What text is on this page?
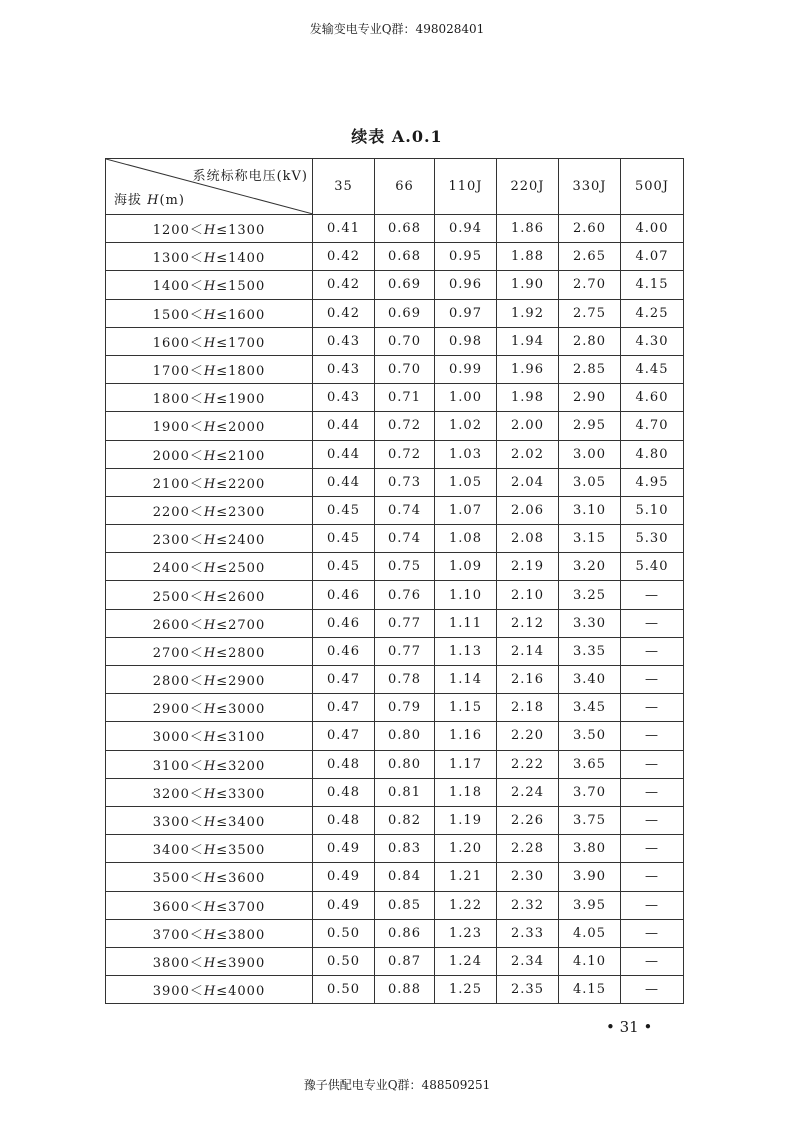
发输变电专业Q群：498028401
续表 A.0.1
系统标称电压(kV)
海拔 H(m)	35	66	110J	220J	330J	500J
1200＜H≤1300	0.41	0.68	0.94	1.86	2.60	4.00
1300＜H≤1400	0.42	0.68	0.95	1.88	2.65	4.07
1400＜H≤1500	0.42	0.69	0.96	1.90	2.70	4.15
1500＜H≤1600	0.42	0.69	0.97	1.92	2.75	4.25
1600＜H≤1700	0.43	0.70	0.98	1.94	2.80	4.30
1700＜H≤1800	0.43	0.70	0.99	1.96	2.85	4.45
1800＜H≤1900	0.43	0.71	1.00	1.98	2.90	4.60
1900＜H≤2000	0.44	0.72	1.02	2.00	2.95	4.70
2000＜H≤2100	0.44	0.72	1.03	2.02	3.00	4.80
2100＜H≤2200	0.44	0.73	1.05	2.04	3.05	4.95
2200＜H≤2300	0.45	0.74	1.07	2.06	3.10	5.10
2300＜H≤2400	0.45	0.74	1.08	2.08	3.15	5.30
2400＜H≤2500	0.45	0.75	1.09	2.19	3.20	5.40
2500＜H≤2600	0.46	0.76	1.10	2.10	3.25	—
2600＜H≤2700	0.46	0.77	1.11	2.12	3.30	—
2700＜H≤2800	0.46	0.77	1.13	2.14	3.35	—
2800＜H≤2900	0.47	0.78	1.14	2.16	3.40	—
2900＜H≤3000	0.47	0.79	1.15	2.18	3.45	—
3000＜H≤3100	0.47	0.80	1.16	2.20	3.50	—
3100＜H≤3200	0.48	0.80	1.17	2.22	3.65	—
3200＜H≤3300	0.48	0.81	1.18	2.24	3.70	—
3300＜H≤3400	0.48	0.82	1.19	2.26	3.75	—
3400＜H≤3500	0.49	0.83	1.20	2.28	3.80	—
3500＜H≤3600	0.49	0.84	1.21	2.30	3.90	—
3600＜H≤3700	0.49	0.85	1.22	2.32	3.95	—
3700＜H≤3800	0.50	0.86	1.23	2.33	4.05	—
3800＜H≤3900	0.50	0.87	1.24	2.34	4.10	—
3900＜H≤4000	0.50	0.88	1.25	2.35	4.15	—
• 31 •
豫子供配电专业Q群：488509251
